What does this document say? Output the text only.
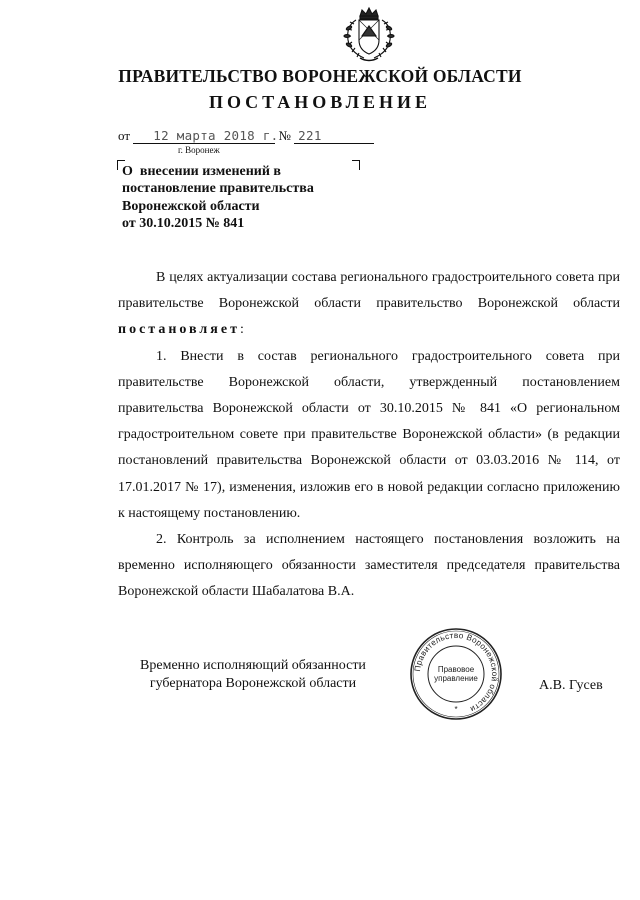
ПРАВИТЕЛЬСТВО ВОРОНЕЖСКОЙ ОБЛАСТИ
ПОСТАНОВЛЕНИЕ
от 12 марта 2018 г. № 221
г. Воронеж
О  внесении изменений в
постановление правительства
Воронежской области
от 30.10.2015 № 841

В целях актуализации состава регионального градостроительного совета при правительстве Воронежской области правительство Воронежской области постановляет:

1. Внести в состав регионального градостроительного совета при правительстве Воронежской области, утвержденный постановлением правительства Воронежской области от 30.10.2015 № 841 «О региональном градостроительном совете при правительстве Воронежской области» (в редакции постановлений правительства Воронежской области от 03.03.2016 № 114, от 17.01.2017 № 17), изменения, изложив его в новой редакции согласно приложению к настоящему постановлению.

2. Контроль за исполнением настоящего постановления возложить на временно исполняющего обязанности заместителя председателя правительства Воронежской области Шабалатова В.А.

Временно исполняющий обязанности
губернатора Воронежской области
Правительство Воронежской области
Правовое
управление
*
А.В. Гусев
